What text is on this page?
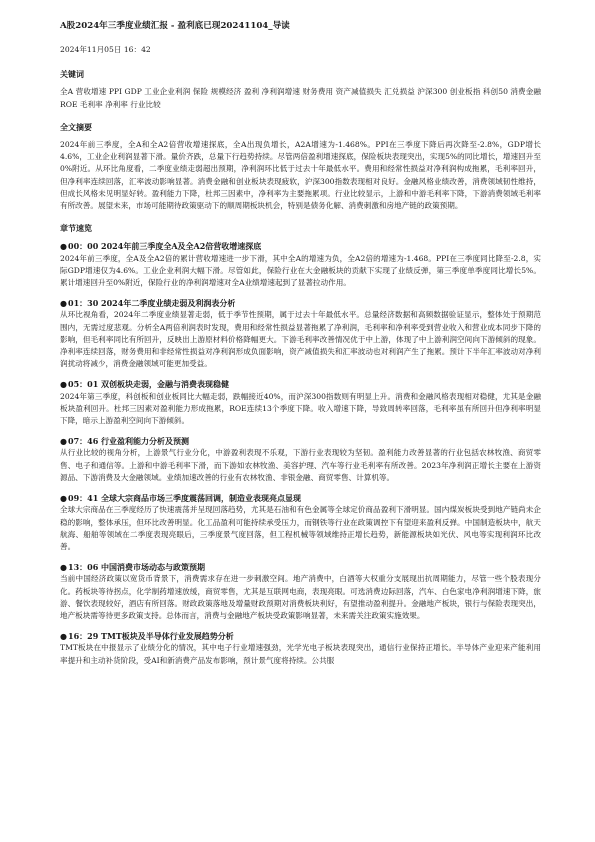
A股2024年三季度业绩汇报 - 盈利底已现20241104_导读
2024年11月05日 16：42
关键词
全A 营收增速 PPI GDP 工业企业利润 保险 规模经济 盈利 净利润增速 财务费用 资产减值损失 汇兑损益 沪深300 创业板指 科创50 消费金融 ROE 毛利率 净利率 行业比较
全文摘要
2024年前三季度，全A和全A2倍营收增速探底，全A出现负增长，A2A增速为-1.468%。PPI在三季度下降后再次降至-2.8%，GDP增长4.6%，工业企业利润显著下滑。量价齐跌，总量下行趋势持续。尽管两倍盈利增速探底，保险板块表现突出，实现5%的同比增长，增速回升至0%附近。从环比角度看，二季度业绩走弱超出预期，净利润环比低于过去十年最低水平。费用和经常性损益对净利润构成拖累，毛利率回升，但净利率连续回落，汇率波动影响显著。消费金融和创业板块表现疲软，沪深300指数表现相对良好。金融风格业绩改善，消费领域韧性维持，但成长风格未见明显好转。盈利能力下降，杜邦三因素中，净利率为主要拖累项。行业比较显示，上游和中游毛利率下降，下游消费领域毛利率有所改善。展望未来，市场可能期待政策驱动下的顺周期板块机会，特别是债务化解、消费刺激和房地产链的政策预期。
章节速览
●00：00 2024年前三季度全A及全A2倍营收增速探底
2024年前三季度，全A及全A2倍的累计营收增速进一步下滑，其中全A的增速为负，全A2倍的增速为-1.468。PPI在三季度同比降至-2.8，实际GDP增速仅为4.6%。工业企业利润大幅下滑。尽管如此，保险行业在大金融板块的贡献下实现了业绩反弹，第三季度单季度同比增长5%。累计增速回升至0%附近，保险行业的净利润增速对全A业绩增速起到了显著拉动作用。
●01：30 2024年二季度业绩走弱及利润表分析
从环比视角看，2024年二季度业绩显著走弱，低于季节性预期，属于过去十年最低水平。总量经济数据和高频数据验证显示，整体处于预期范围内，无需过度悲观。分析全A两倍利润表时发现，费用和经常性损益显著拖累了净利润，毛利率和净利率受到营业收入和营业成本同步下降的影响，但毛利率同比有所回升，反映出上游原材料价格降幅更大。下游毛利率改善情况优于中上游，体现了中上游利润空间向下游倾斜的现象。净利率连续回落，财务费用和非经常性损益对净利润形成负面影响，资产减值损失和汇率波动也对利润产生了拖累。预计下半年汇率波动对净利润扰动将减少，消费金融领域可能更加受益。
●05：01 双创板块走弱，金融与消费表现稳健
2024年第三季度，科创板和创业板同比大幅走弱，跌幅接近40%，而沪深300指数则有明显上升。消费和金融风格表现相对稳健，尤其是金融板块盈利回升。杜邦三因素对盈利能力形成拖累，ROE连续13个季度下降。收入增速下降，导致周转率回落，毛利率虽有所回升但净利率明显下降，暗示上游盈利空间向下游倾斜。
●07：46 行业盈利能力分析及预测
从行业比较的视角分析，上游景气行业分化，中游盈利表现不乐观，下游行业表现较为坚韧。盈利能力改善显著的行业包括农林牧渔、商贸零售、电子和通信等。上游和中游毛利率下滑，而下游如农林牧渔、美容护理、汽车等行业毛利率有所改善。2023年净利润正增长主要在上游资源品、下游消费及大金融领域。业绩加速改善的行业有农林牧渔、非银金融、商贸零售、计算机等。
●09：41 全球大宗商品市场三季度震荡回调，制造业表现亮点显现
全球大宗商品在三季度经历了快速震荡并呈现回落趋势，尤其是石油和有色金属等全球定价商品盈利下滑明显。国内煤炭板块受到地产链尚未企稳的影响，整体承压，但环比改善明显。化工品盈利可能持续承受压力，而钢铁等行业在政策调控下有望迎来盈利反弹。中国制造板块中，航天航海、船舶等领域在二季度表现亮眼后，三季度景气度回落，但工程机械等领域维持正增长趋势，新能源板块如光伏、风电等实现利润环比改善。
●13：06 中国消费市场动态与政策预期
当前中国经济政策以宽货币背景下，消费需求存在进一步刺激空间。地产消费中，白酒等大权重分支展现出抗周期能力，尽管一些个股表现分化。药板块等待拐点，化学制药增速放缓，商贸零售，尤其是互联网电商，表现亮眼。可选消费边际回落，汽车、白色家电净利润增速下降，旅游、餐饮表现较好，酒店有所回落。财政政策落地及增量财政预期对消费板块利好，有望推动盈利提升。金融地产板块，银行与保险表现突出，地产板块需等待更多政策支持。总体而言，消费与金融地产板块受政策影响显著，未来需关注政策实施效果。
●16：29 TMT板块及半导体行业发展趋势分析
TMT板块在中报显示了业绩分化的情况，其中电子行业增速强劲，光学光电子板块表现突出，通信行业保持正增长。半导体产业迎来产能利用率提升和主动补货阶段，受AI和新消费产品发布影响，预计景气度将持续。公共服
